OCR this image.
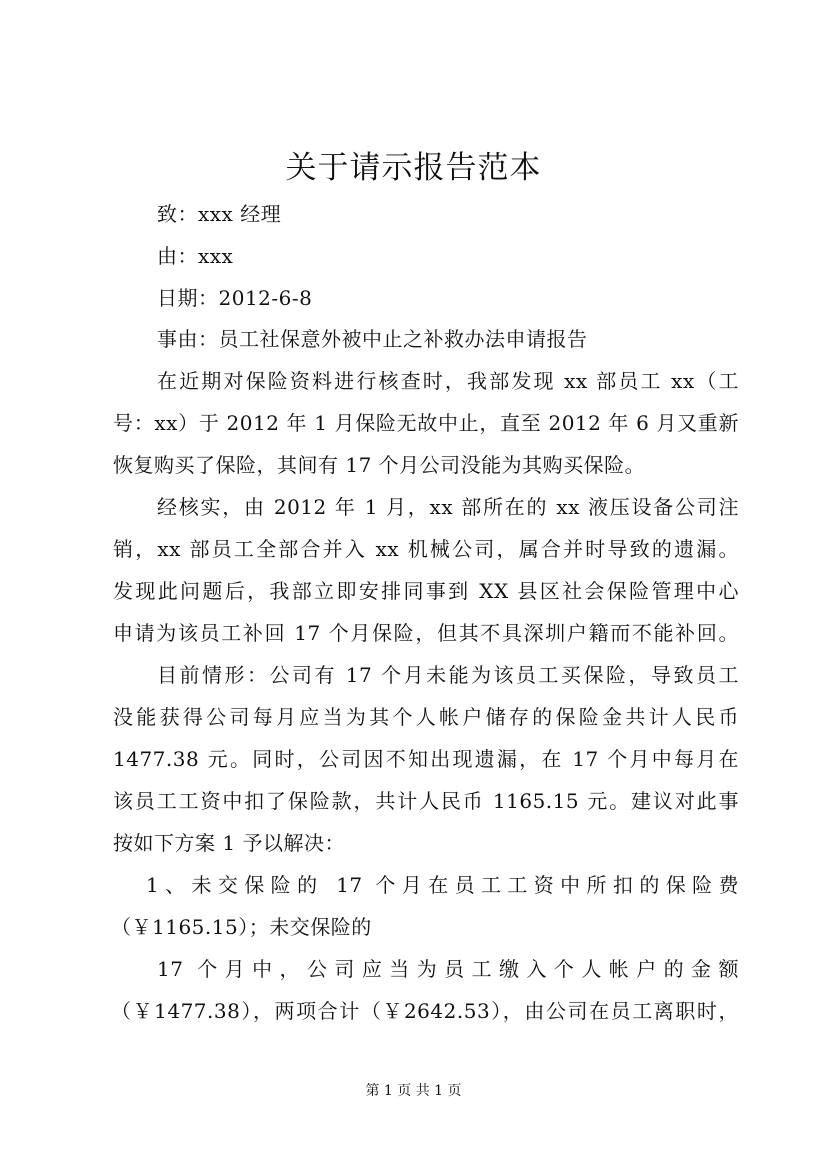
关于请示报告范本
致：xxx 经理
由：xxx
日期：2012-6-8
事由：员工社保意外被中止之补救办法申请报告
在近期对保险资料进行核查时，我部发现 xx 部员工 xx（工
号：xx）于 2012 年 1 月保险无故中止，直至 2012 年 6 月又重新
恢复购买了保险，其间有 17 个月公司没能为其购买保险。
经核实，由 2012 年 1 月，xx 部所在的 xx 液压设备公司注
销，xx 部员工全部合并入 xx 机械公司，属合并时导致的遗漏。
发现此问题后，我部立即安排同事到 XX 县区社会保险管理中心
申请为该员工补回 17 个月保险，但其不具深圳户籍而不能补回。
目前情形：公司有 17 个月未能为该员工买保险，导致员工
没能获得公司每月应当为其个人帐户储存的保险金共计人民币
1477.38 元。同时，公司因不知出现遗漏，在 17 个月中每月在
该员工工资中扣了保险款，共计人民币 1165.15 元。建议对此事
按如下方案 1 予以解决：
1、未交保险的 17 个月在员工工资中所扣的保险费
（￥1165.15）；未交保险的
17 个月中，公司应当为员工缴入个人帐户的金额
（￥1477.38），两项合计（￥2642.53），由公司在员工离职时，
第 1 页 共 1 页
